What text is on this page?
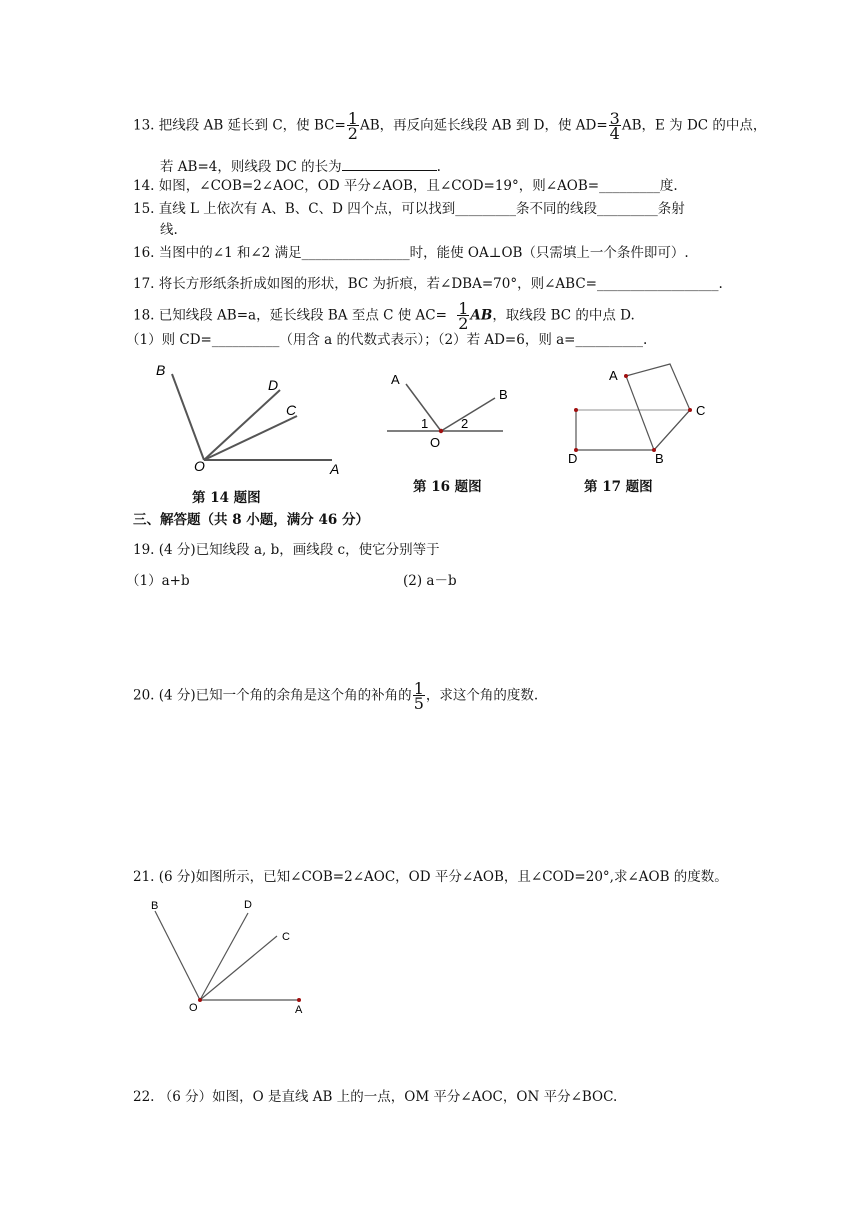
13. 把线段 AB 延长到 C，使 $BC= \frac{1}{2}$ AB，再反向延长线段 AB 到 D，使 $AD= \frac{3}{4}$ AB，E 为 DC 的中点，
若 AB=4，则线段 DC 的长为	.
14. 如图，∠COB=2∠AOC，OD 平分∠AOB，且∠COD=19°，则∠AOB=_________度.
15. 直线 L 上依次有 A、B、C、D 四个点，可以找到_________条不同的线段_________条射
线.
16. 当图中的∠1 和∠2 满足________________时，能使 OA⊥OB（只需填上一个条件即可）.
17. 将长方形纸条折成如图的形状，BC 为折痕，若∠DBA=70°，则∠ABC=__________________.
18. 已知线段 AB=a，延长线段 BA 至点 C 使 $AC= \frac{1}{2}$ AB，取线段 BC 的中点 D.
（1）则 CD=__________（用含 a 的代数式表示）；（2）若 AD=6，则 a=__________.
B
D
C
O	A
第 14 题图
A
B
1	2
O
第 16 题图
A
C
D	B
第 17 题图
三、解答题（共 8 小题，满分 46 分）
19. (4 分)已知线段 a, b，画线段 c，使它分别等于
（1）a+b	(2) a－b
20. (4 分)已知一个角的余角是这个角的补角的 $\frac{1}{5}$ ，求这个角的度数.
21. (6 分)如图所示，已知∠COB=2∠AOC，OD 平分∠AOB，且∠COD=20°,求∠AOB 的度数。
B	D
C
O	A
22. （6 分）如图，O 是直线 AB 上的一点，OM 平分∠AOC，ON 平分∠BOC.
